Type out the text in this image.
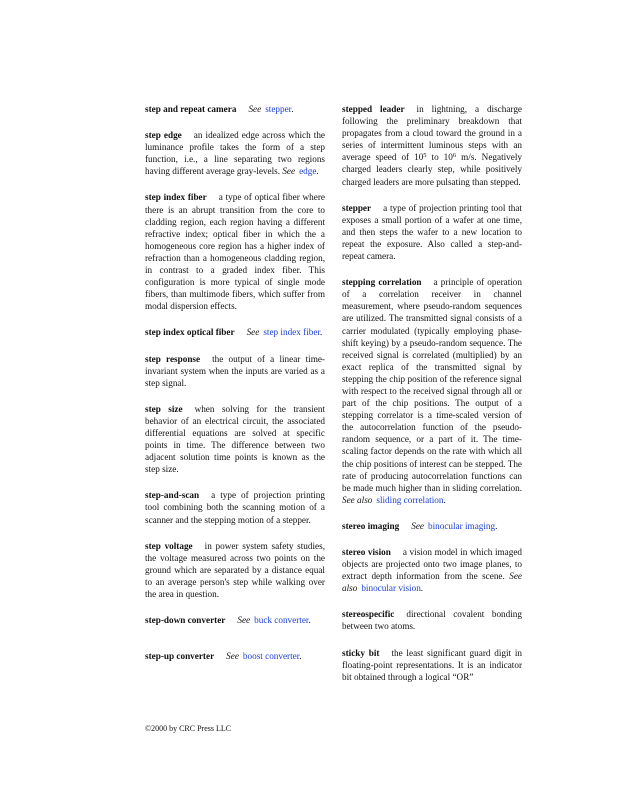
step and repeat camera See stepper.

step edge an idealized edge across which the luminance profile takes the form of a step function, i.e., a line separating two regions having different average gray-levels. See edge.

step index fiber a type of optical fiber where there is an abrupt transition from the core to cladding region, each region having a different refractive index; optical fiber in which the a homogeneous core region has a higher index of refraction than a homogeneous cladding region, in contrast to a graded index fiber. This configuration is more typical of single mode fibers, than multimode fibers, which suffer from modal dispersion effects.

step index optical fiber See step index fiber.

step response the output of a linear time-invariant system when the inputs are varied as a step signal.

step size when solving for the transient behavior of an electrical circuit, the associated differential equations are solved at specific points in time. The difference between two adjacent solution time points is known as the step size.

step-and-scan a type of projection printing tool combining both the scanning motion of a scanner and the stepping motion of a stepper.

step voltage in power system safety studies, the voltage measured across two points on the ground which are separated by a distance equal to an average person's step while walking over the area in question.

step-down converter See buck converter.

step-up converter See boost converter.

stepped leader in lightning, a discharge following the preliminary breakdown that propagates from a cloud toward the ground in a series of intermittent luminous steps with an average speed of $10^5$ to $10^6$ m/s. Negatively charged leaders clearly step, while positively charged leaders are more pulsating than stepped.

stepper a type of projection printing tool that exposes a small portion of a wafer at one time, and then steps the wafer to a new location to repeat the exposure. Also called a step-and-repeat camera.

stepping correlation a principle of operation of a correlation receiver in channel measurement, where pseudo-random sequences are utilized. The transmitted signal consists of a carrier modulated (typically employing phase-shift keying) by a pseudo-random sequence. The received signal is correlated (multiplied) by an exact replica of the transmitted signal by stepping the chip position of the reference signal with respect to the received signal through all or part of the chip positions. The output of a stepping correlator is a time-scaled version of the autocorrelation function of the pseudo-random sequence, or a part of it. The time-scaling factor depends on the rate with which all the chip positions of interest can be stepped. The rate of producing autocorrelation functions can be made much higher than in sliding correlation. See also sliding correlation.

stereo imaging See binocular imaging.

stereo vision a vision model in which imaged objects are projected onto two image planes, to extract depth information from the scene. See also binocular vision.

stereospecific directional covalent bonding between two atoms.

sticky bit the least significant guard digit in floating-point representations. It is an indicator bit obtained through a logical “OR”

©2000 by CRC Press LLC
